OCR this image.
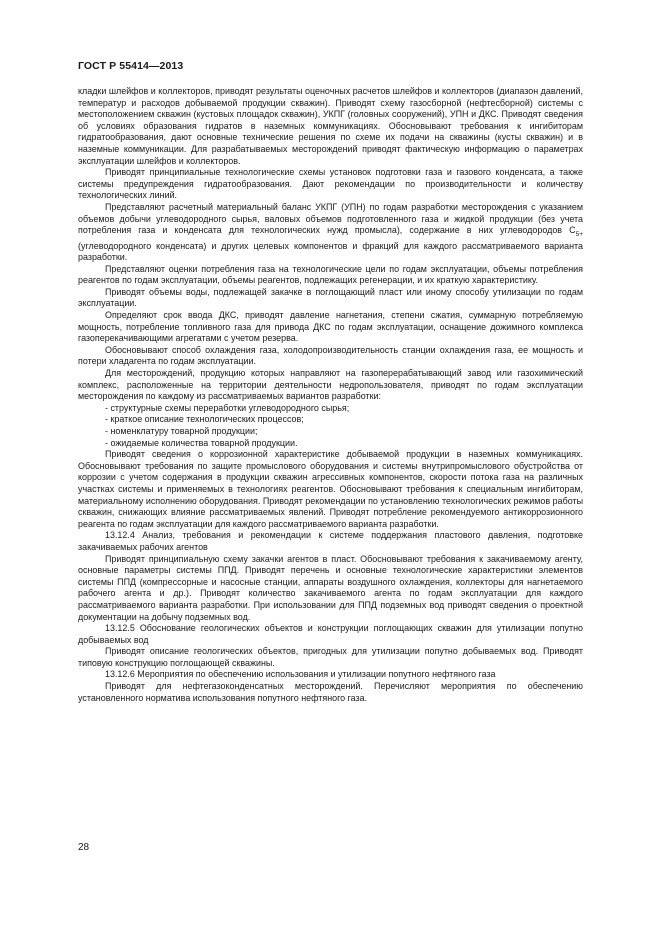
ГОСТ Р 55414—2013

кладки шлейфов и коллекторов, приводят результаты оценочных расчетов шлейфов и коллекторов (диапазон давлений, температур и расходов добываемой продукции скважин). Приводят схему газосборной (нефтесборной) системы с местоположением скважин (кустовых площадок скважин), УКПГ (головных сооружений), УПН и ДКС. Приводят сведения об условиях образования гидратов в наземных коммуникациях. Обосновывают требования к ингибиторам гидратообразования, дают основные технические решения по схеме их подачи на скважины (кусты скважин) и в наземные коммуникации. Для разрабатываемых месторождений приводят фактическую информацию о параметрах эксплуатации шлейфов и коллекторов.

Приводят принципиальные технологические схемы установок подготовки газа и газового конденсата, а также системы предупреждения гидратообразования. Дают рекомендации по производительности и количеству технологических линий.

Представляют расчетный материальный баланс УКПГ (УПН) по годам разработки месторождения с указанием объемов добычи углеводородного сырья, валовых объемов подготовленного газа и жидкой продукции (без учета потребления газа и конденсата для технологических нужд промысла), содержание в них углеводородов $С_{5+}$ (углеводородного конденсата) и других целевых компонентов и фракций для каждого рассматриваемого варианта разработки.

Представляют оценки потребления газа на технологические цели по годам эксплуатации, объемы потребления реагентов по годам эксплуатации, объемы реагентов, подлежащих регенерации, и их краткую характеристику.

Приводят объемы воды, подлежащей закачке в поглощающий пласт или иному способу утилизации по годам эксплуатации.

Определяют срок ввода ДКС, приводят давление нагнетания, степени сжатия, суммарную потребляемую мощность, потребление топливного газа для привода ДКС по годам эксплуатации, оснащение дожимного комплекса газоперекачивающими агрегатами с учетом резерва.

Обосновывают способ охлаждения газа, холодопроизводительность станции охлаждения газа, ее мощность и потери хладагента по годам эксплуатации.

Для месторождений, продукцию которых направляют на газоперерабатывающий завод или газохимический комплекс, расположенные на территории деятельности недропользователя, приводят по годам эксплуатации месторождения по каждому из рассматриваемых вариантов разработки:

- структурные схемы переработки углеводородного сырья;
- краткое описание технологических процессов;
- номенклатуру товарной продукции;
- ожидаемые количества товарной продукции.

Приводят сведения о коррозионной характеристике добываемой продукции в наземных коммуникациях. Обосновывают требования по защите промыслового оборудования и системы внутрипромыслового обустройства от коррозии с учетом содержания в продукции скважин агрессивных компонентов, скорости потока газа на различных участках системы и применяемых в технологиях реагентов. Обосновывают требования к специальным ингибиторам, материальному исполнению оборудования. Приводят рекомендации по установлению технологических режимов работы скважин, снижающих влияние рассматриваемых явлений. Приводят потребление рекомендуемого антикоррозионного реагента по годам эксплуатации для каждого рассматриваемого варианта разработки.

13.12.4 Анализ, требования и рекомендации к системе поддержания пластового давления, подготовке закачиваемых рабочих агентов

Приводят принципиальную схему закачки агентов в пласт. Обосновывают требования к закачиваемому агенту, основные параметры системы ППД. Приводят перечень и основные технологические характеристики элементов системы ППД (компрессорные и насосные станции, аппараты воздушного охлаждения, коллекторы для нагнетаемого рабочего агента и др.). Приводят количество закачиваемого агента по годам эксплуатации для каждого рассматриваемого варианта разработки. При использовании для ППД подземных вод приводят сведения о проектной документации на добычу подземных вод.

13.12.5 Обоснование геологических объектов и конструкции поглощающих скважин для утилизации попутно добываемых вод

Приводят описание геологических объектов, пригодных для утилизации попутно добываемых вод. Приводят типовую конструкцию поглощающей скважины.

13.12.6 Мероприятия по обеспечению использования и утилизации попутного нефтяного газа

Приводят для нефтегазоконденсатных месторождений. Перечисляют мероприятия по обеспечению установленного норматива использования попутного нефтяного газа.

28
